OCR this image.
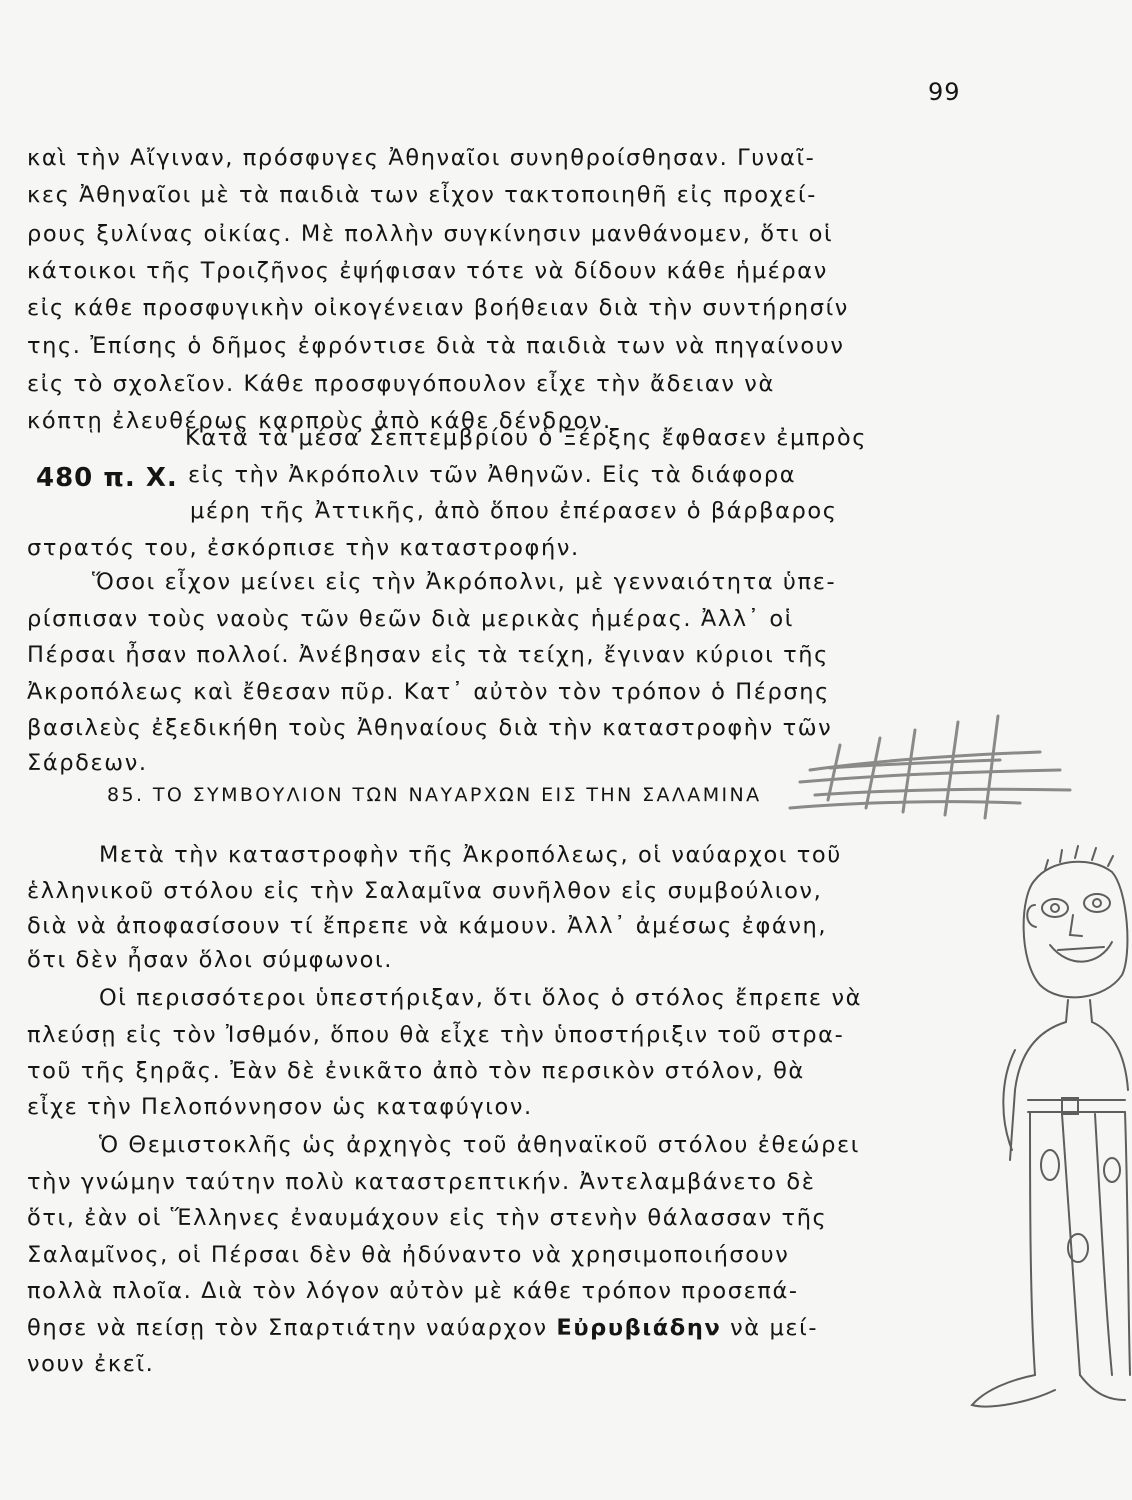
99
καὶ τὴν Αἴγιναν, πρόσφυγες Ἀθηναῖοι συνηθροίσθησαν. Γυναῖ-
κες Ἀθηναῖοι μὲ τὰ παιδιὰ των εἶχον τακτοποιηθῆ εἰς προχεί-
ρους ξυλίνας οἰκίας. Μὲ πολλὴν συγκίνησιν μανθάνομεν, ὅτι οἱ
κάτοικοι τῆς Τροιζῆνος ἐψήφισαν τότε νὰ δίδουν κάθε ἡμέραν
εἰς κάθε προσφυγικὴν οἰκογένειαν βοήθειαν διὰ τὴν συντήρησίν
της. Ἐπίσης ὁ δῆμος ἐφρόντισε διὰ τὰ παιδιὰ των νὰ πηγαίνουν
εἰς τὸ σχολεῖον. Κάθε προσφυγόπουλον εἶχε τὴν ἄδειαν νὰ
κόπτῃ ἐλευθέρως καρποὺς ἀπὸ κάθε δένδρον.
Κατὰ τὰ μέσα Σεπτεμβρίου ὁ Ξέρξης ἔφθασεν ἐμπρὸς
480 π. Χ. εἰς τὴν Ἀκρόπολιν τῶν Ἀθηνῶν. Εἰς τὰ διάφορα
μέρη τῆς Ἀττικῆς, ἀπὸ ὅπου ἐπέρασεν ὁ βάρβαρος
στρατός του, ἐσκόρπισε τὴν καταστροφήν.
Ὅσοι εἶχον μείνει εἰς τὴν Ἀκρόπολνι, μὲ γενναιότητα ὑπε-
ρίσπισαν τοὺς ναοὺς τῶν θεῶν διὰ μερικὰς ἡμέρας. Ἀλλ᾿ οἱ
Πέρσαι ἦσαν πολλοί. Ἀνέβησαν εἰς τὰ τείχη, ἔγιναν κύριοι τῆς
Ἀκροπόλεως καὶ ἔθεσαν πῦρ. Κατ᾿ αὐτὸν τὸν τρόπον ὁ Πέρσης
βασιλεὺς ἐξεδικήθη τοὺς Ἀθηναίους διὰ τὴν καταστροφὴν τῶν
Σάρδεων.
85. ΤΟ ΣΥΜΒΟΥΛΙΟΝ ΤΩΝ ΝΑΥΑΡΧΩΝ ΕΙΣ ΤΗΝ ΣΑΛΑΜΙΝΑ
Μετὰ τὴν καταστροφὴν τῆς Ἀκροπόλεως, οἱ ναύαρχοι τοῦ
ἑλληνικοῦ στόλου εἰς τὴν Σαλαμῖνα συνῆλθον εἰς συμβούλιον,
διὰ νὰ ἀποφασίσουν τί ἔπρεπε νὰ κάμουν. Ἀλλ᾿ ἀμέσως ἐφάνη,
ὅτι δὲν ἦσαν ὅλοι σύμφωνοι.
Οἱ περισσότεροι ὑπεστήριξαν, ὅτι ὅλος ὁ στόλος ἔπρεπε νὰ
πλεύσῃ εἰς τὸν Ἰσθμόν, ὅπου θὰ εἶχε τὴν ὑποστήριξιν τοῦ στρα-
τοῦ τῆς ξηρᾶς. Ἐὰν δὲ ἐνικᾶτο ἀπὸ τὸν περσικὸν στόλον, θὰ
εἶχε τὴν Πελοπόννησον ὡς καταφύγιον.
Ὁ Θεμιστοκλῆς ὡς ἀρχηγὸς τοῦ ἀθηναϊκοῦ στόλου ἐθεώρει
τὴν γνώμην ταύτην πολὺ καταστρεπτικήν. Ἀντελαμβάνετο δὲ
ὅτι, ἐὰν οἱ Ἕλληνες ἐναυμάχουν εἰς τὴν στενὴν θάλασσαν τῆς
Σαλαμῖνος, οἱ Πέρσαι δὲν θὰ ἠδύναντο νὰ χρησιμοποιήσουν
πολλὰ πλοῖα. Διὰ τὸν λόγον αὐτὸν μὲ κάθε τρόπον προσεπά-
θησε νὰ πείσῃ τὸν Σπαρτιάτην ναύαρχον Εὐρυβιάδην νὰ μεί-
νουν ἐκεῖ.
